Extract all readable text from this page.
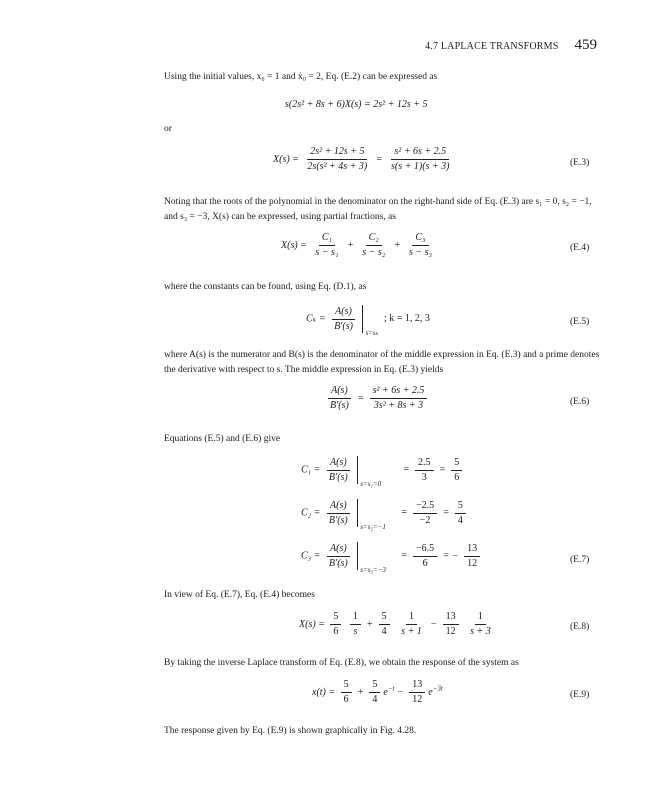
4.7 LAPLACE TRANSFORMS 459

Using the initial values, x₀ = 1 and ẋ₀ = 2, Eq. (E.2) can be expressed as

s(2s² + 8s + 6)X(s) = 2s² + 12s + 5

or

$X(s) = \frac{\text{2s² + 12s + 5}}{\text{2s(s² + 4s + 3)}} = \frac{\text{s² + 6s + 2.5}}{s(s + 1)(s + 3)}$	(E.3)

Noting that the roots of the polynomial in the denominator on the right-hand side of Eq. (E.3) are s₁ = 0, s₂ = −1, and s₃ = −3, X(s) can be expressed, using partial fractions, as

$X(s) = \frac{\text{C₁}}{\text{s − s₁}} + \frac{\text{C₂}}{\text{s − s₂}} + \frac{\text{C₃}}{\text{s − s₃}}$	(E.4)

where the constants can be found, using Eq. (D.1), as

$C_k = \frac{A(s)}{B'(s)}$

s=sₖ
; k = 1, 2, 3	(E.5)

where A(s) is the numerator and B(s) is the denominator of the middle expression in Eq. (E.3) and a prime denotes the derivative with respect to s. The middle expression in Eq. (E.3) yields

$\frac{A(s)}{B'(s)} = \frac{\text{s² + 6s + 2.5}}{\text{3s² + 8s + 3}}$	(E.6)

Equations (E.5) and (E.6) give

$C_1 = \frac{A(s)}{B'(s)}$

s=s₁=0
= $\frac{2.5}{3} = \frac{5}{6}$
$C_2 = \frac{A(s)}{B'(s)}$

s=s₂=−1
= $\frac{-2.5}{-2} = \frac{5}{4}$
$C_3 = \frac{A(s)}{B'(s)}$

s=s₃=−3
= $\frac{-6.5}{6}$ = − $\frac{13}{12}$	(E.7)

In view of Eq. (E.7), Eq. (E.4) becomes

$X(s) = \frac{5}{6}$
$\frac{1}{s} + \frac{5}{4}$
$\frac{1}{s + 1} - \frac{13}{12}$
$\frac{1}{s + 3}$	(E.8)

By taking the inverse Laplace transform of Eq. (E.8), we obtain the response of the system as

$x(t) = \frac{5}{6} + \frac{5}{4} e^{-t} - \frac{13}{12} e^{-3t}$
(E.9)

The response given by Eq. (E.9) is shown graphically in Fig. 4.28.
